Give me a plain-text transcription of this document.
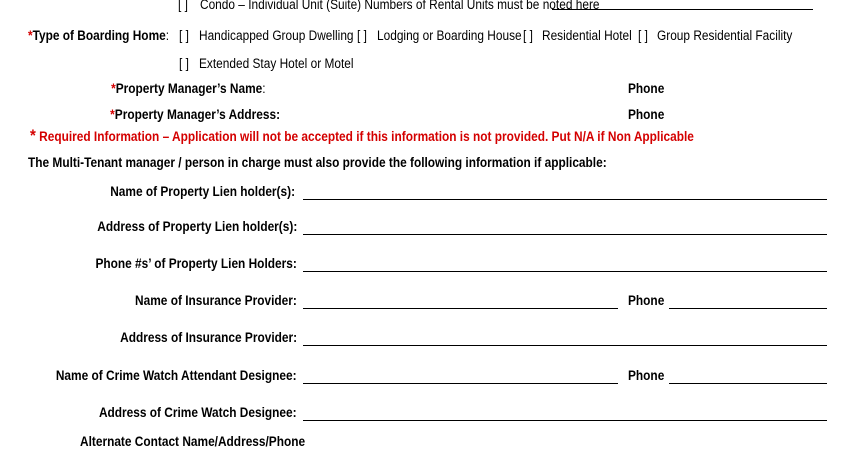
[ ] Condo – Individual Unit (Suite) Numbers of Rental Units must be noted here
*Type of Boarding Home: [ ] Handicapped Group Dwelling [ ] Lodging or Boarding House [ ] Residential Hotel [ ] Group Residential Facility
[ ] Extended Stay Hotel or Motel
*Property Manager’s Name:	Phone
*Property Manager’s Address:	Phone
* Required Information – Application will not be accepted if this information is not provided. Put N/A if Non Applicable
The Multi-Tenant manager / person in charge must also provide the following information if applicable:
Name of Property Lien holder(s):
Address of Property Lien holder(s):
Phone #s’ of Property Lien Holders:
Name of Insurance Provider:	Phone
Address of Insurance Provider:
Name of Crime Watch Attendant Designee:	Phone
Address of Crime Watch Designee:
Alternate Contact Name/Address/Phone
